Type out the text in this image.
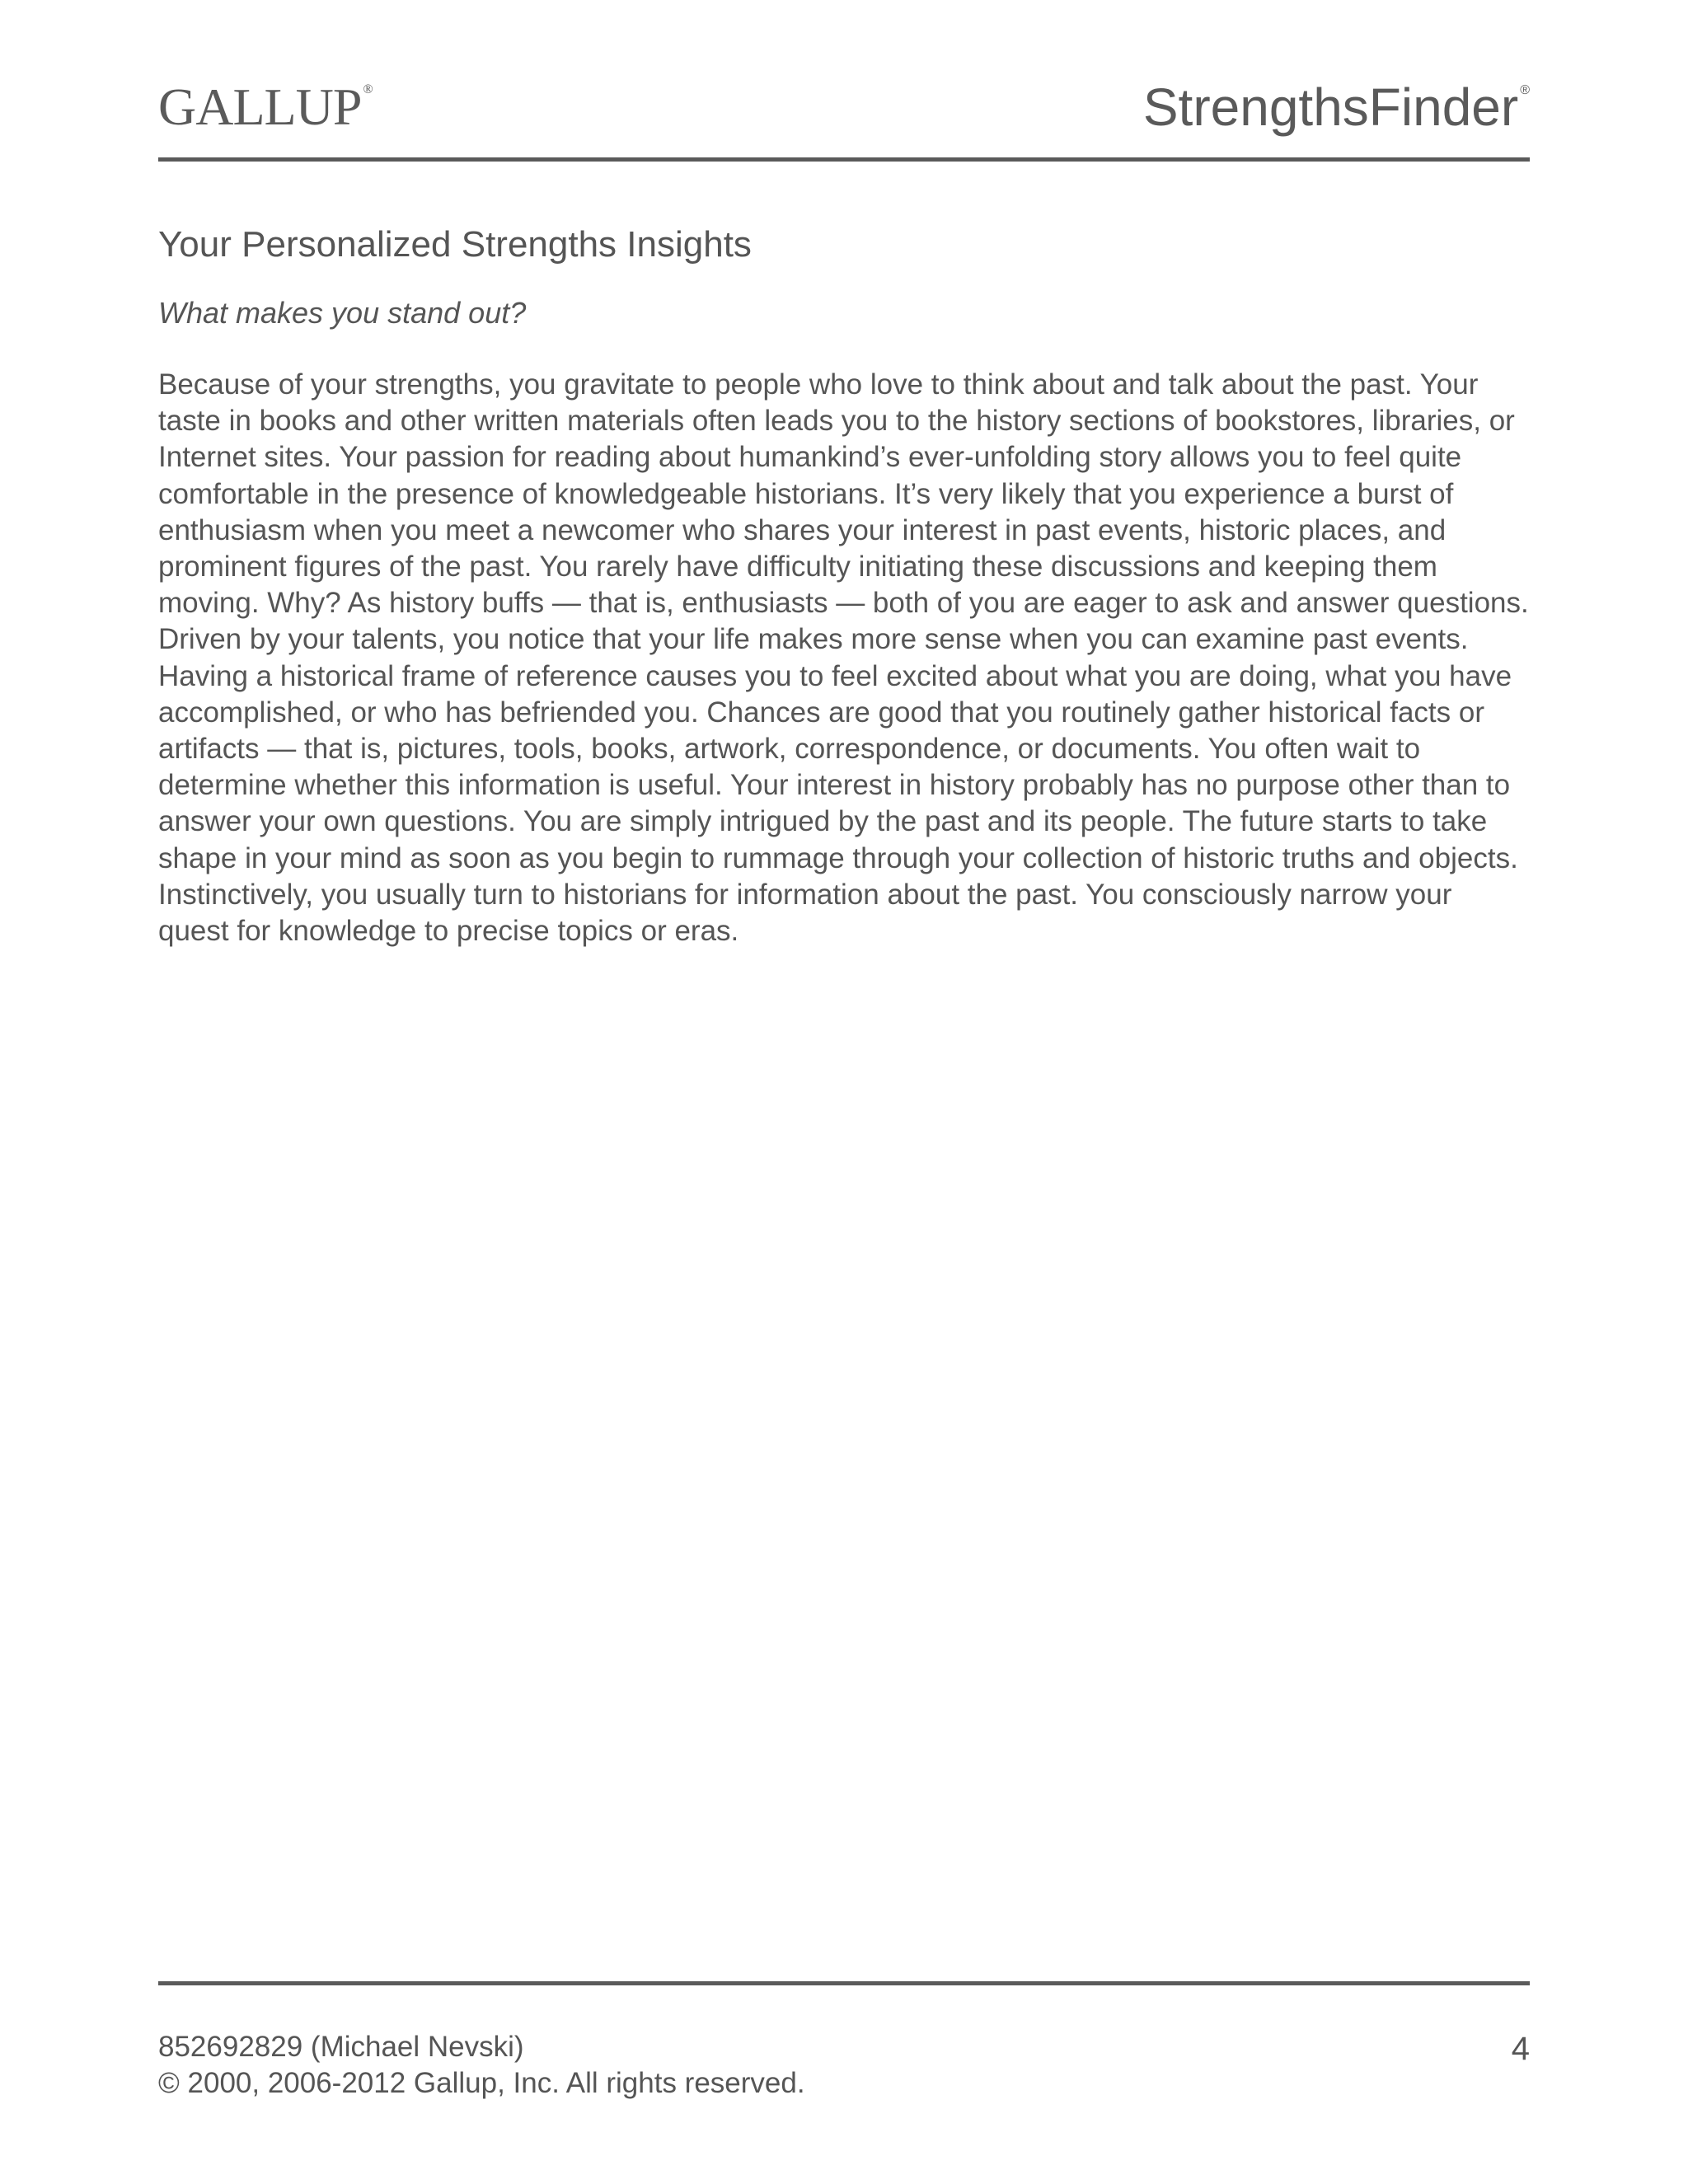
GALLUP ®	StrengthsFinder ®
Your Personalized Strengths Insights

What makes you stand out?

Because of your strengths, you gravitate to people who love to think about and talk about the past. Your taste in books and other written materials often leads you to the history sections of bookstores, libraries, or Internet sites. Your passion for reading about humankind’s ever-unfolding story allows you to feel quite comfortable in the presence of knowledgeable historians. It’s very likely that you experience a burst of enthusiasm when you meet a newcomer who shares your interest in past events, historic places, and prominent figures of the past. You rarely have difficulty initiating these discussions and keeping them moving. Why? As history buffs — that is, enthusiasts — both of you are eager to ask and answer questions. Driven by your talents, you notice that your life makes more sense when you can examine past events. Having a historical frame of reference causes you to feel excited about what you are doing, what you have accomplished, or who has befriended you. Chances are good that you routinely gather historical facts or artifacts — that is, pictures, tools, books, artwork, correspondence, or documents. You often wait to determine whether this information is useful. Your interest in history probably has no purpose other than to answer your own questions. You are simply intrigued by the past and its people. The future starts to take shape in your mind as soon as you begin to rummage through your collection of historic truths and objects. Instinctively, you usually turn to historians for information about the past. You consciously narrow your quest for knowledge to precise topics or eras.

852692829 (Michael Nevski)
© 2000, 2006-2012 Gallup, Inc. All rights reserved.
4
